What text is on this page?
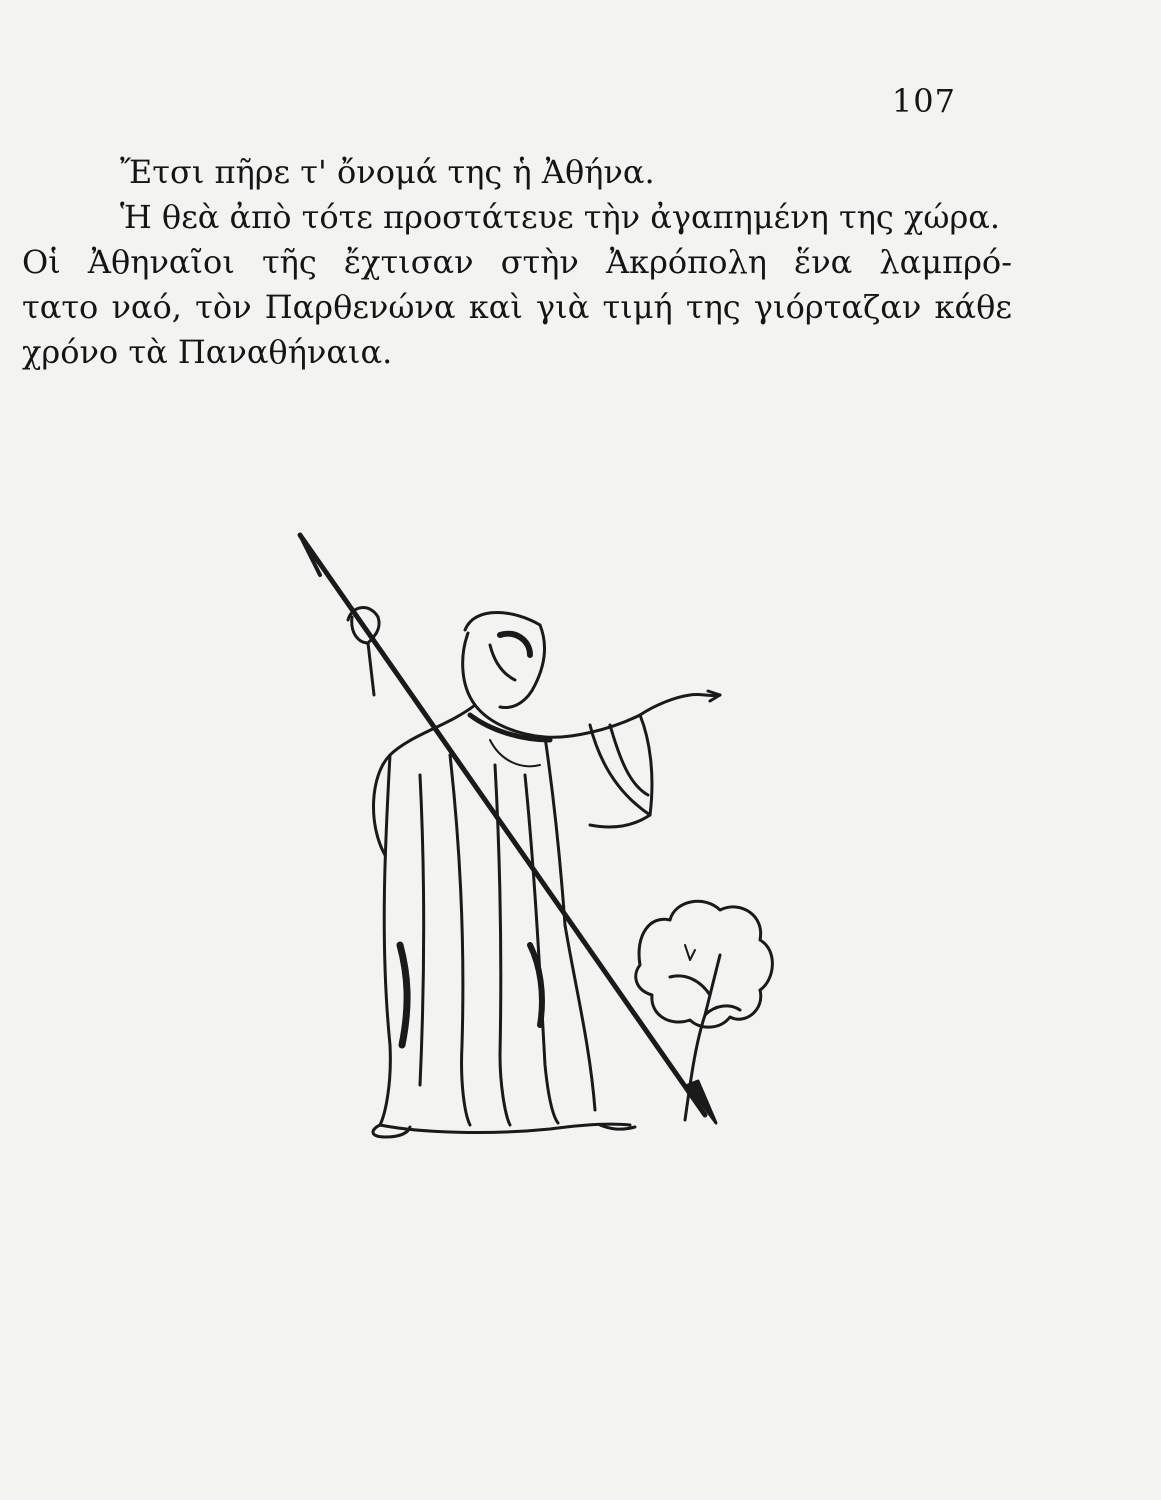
107
Ἔτσι πῆρε τ' ὄνομά της ἡ Ἀθήνα.
Ἡ θεὰ ἀπὸ τότε προστάτευε τὴν ἀγαπημένη της χώρα.
Οἱ Ἀθηναῖοι τῆς ἔχτισαν στὴν Ἀκρόπολη ἕνα λαμπρό-
τατο ναό, τὸν Παρθενώνα καὶ γιὰ τιμή της γιόρταζαν κάθε
χρόνο τὰ Παναθήναια.
